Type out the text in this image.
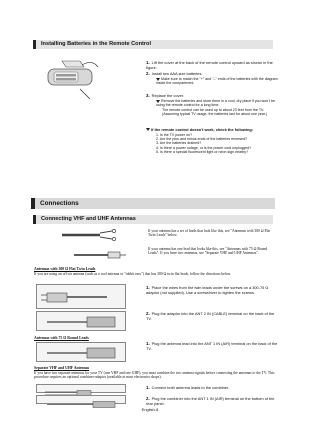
Installing Batteries in the Remote Control
1. Lift the cover at the back of the remote control upward as shown in the figure.
2. Install two AAA size batteries.
Make sure to match the "+" and "–" ends of the batteries with the diagram inside the compartment.
3. Replace the cover.
Remove the batteries and store them in a cool, dry place if you won't be using the remote control for a long time.
The remote control can be used up to about 23 feet from the TV.
(Assuming typical TV usage, the batteries last for about one year.)
If the remote control doesn't work, check the following:
1. Is the TV power on?
2. Are the plus and minus ends of the batteries reversed?
3. Are the batteries drained?
4. Is there a power outage, or is the power cord unplugged?
5. Is there a special fluorescent light or neon sign nearby?
Connections
Connecting VHF and UHF Antennas
If your antenna has a set of leads that look like this, see "Antennas with 300 Ω Flat Twin Leads" below.
If your antenna has one lead that looks like this, see "Antennas with 75 Ω Round Leads". If you have two antennas, see "Separate VHF and UHF Antennas".
Antennas with 300 Ω Flat Twin Leads
If you are using an off-air antenna (such as a roof antenna or "rabbit ears") that has 300 Ω twin flat leads, follow the directions below.
1. Place the wires from the twin leads under the screws on a 300-75 Ω adaptor (not supplied). Use a screwdriver to tighten the screws.
2. Plug the adaptor into the ANT 2 IN (CABLE) terminal on the back of the TV.
Antennas with 75 Ω Round Leads
1. Plug the antenna lead into the ANT 1 IN (AIR) terminal on the back of the TV.
Separate VHF and UHF Antennas
If you have two separate antennas for your TV (one VHF and one UHF), you must combine the two antenna signals before connecting the antennas to the TV. This procedure requires an optional combiner-adaptor (available at most electronics shops).
1. Connect both antenna leads to the combiner.
2. Plug the combiner into the ANT 1 IN (AIR) terminal on the bottom of the rear panel.
English-8
